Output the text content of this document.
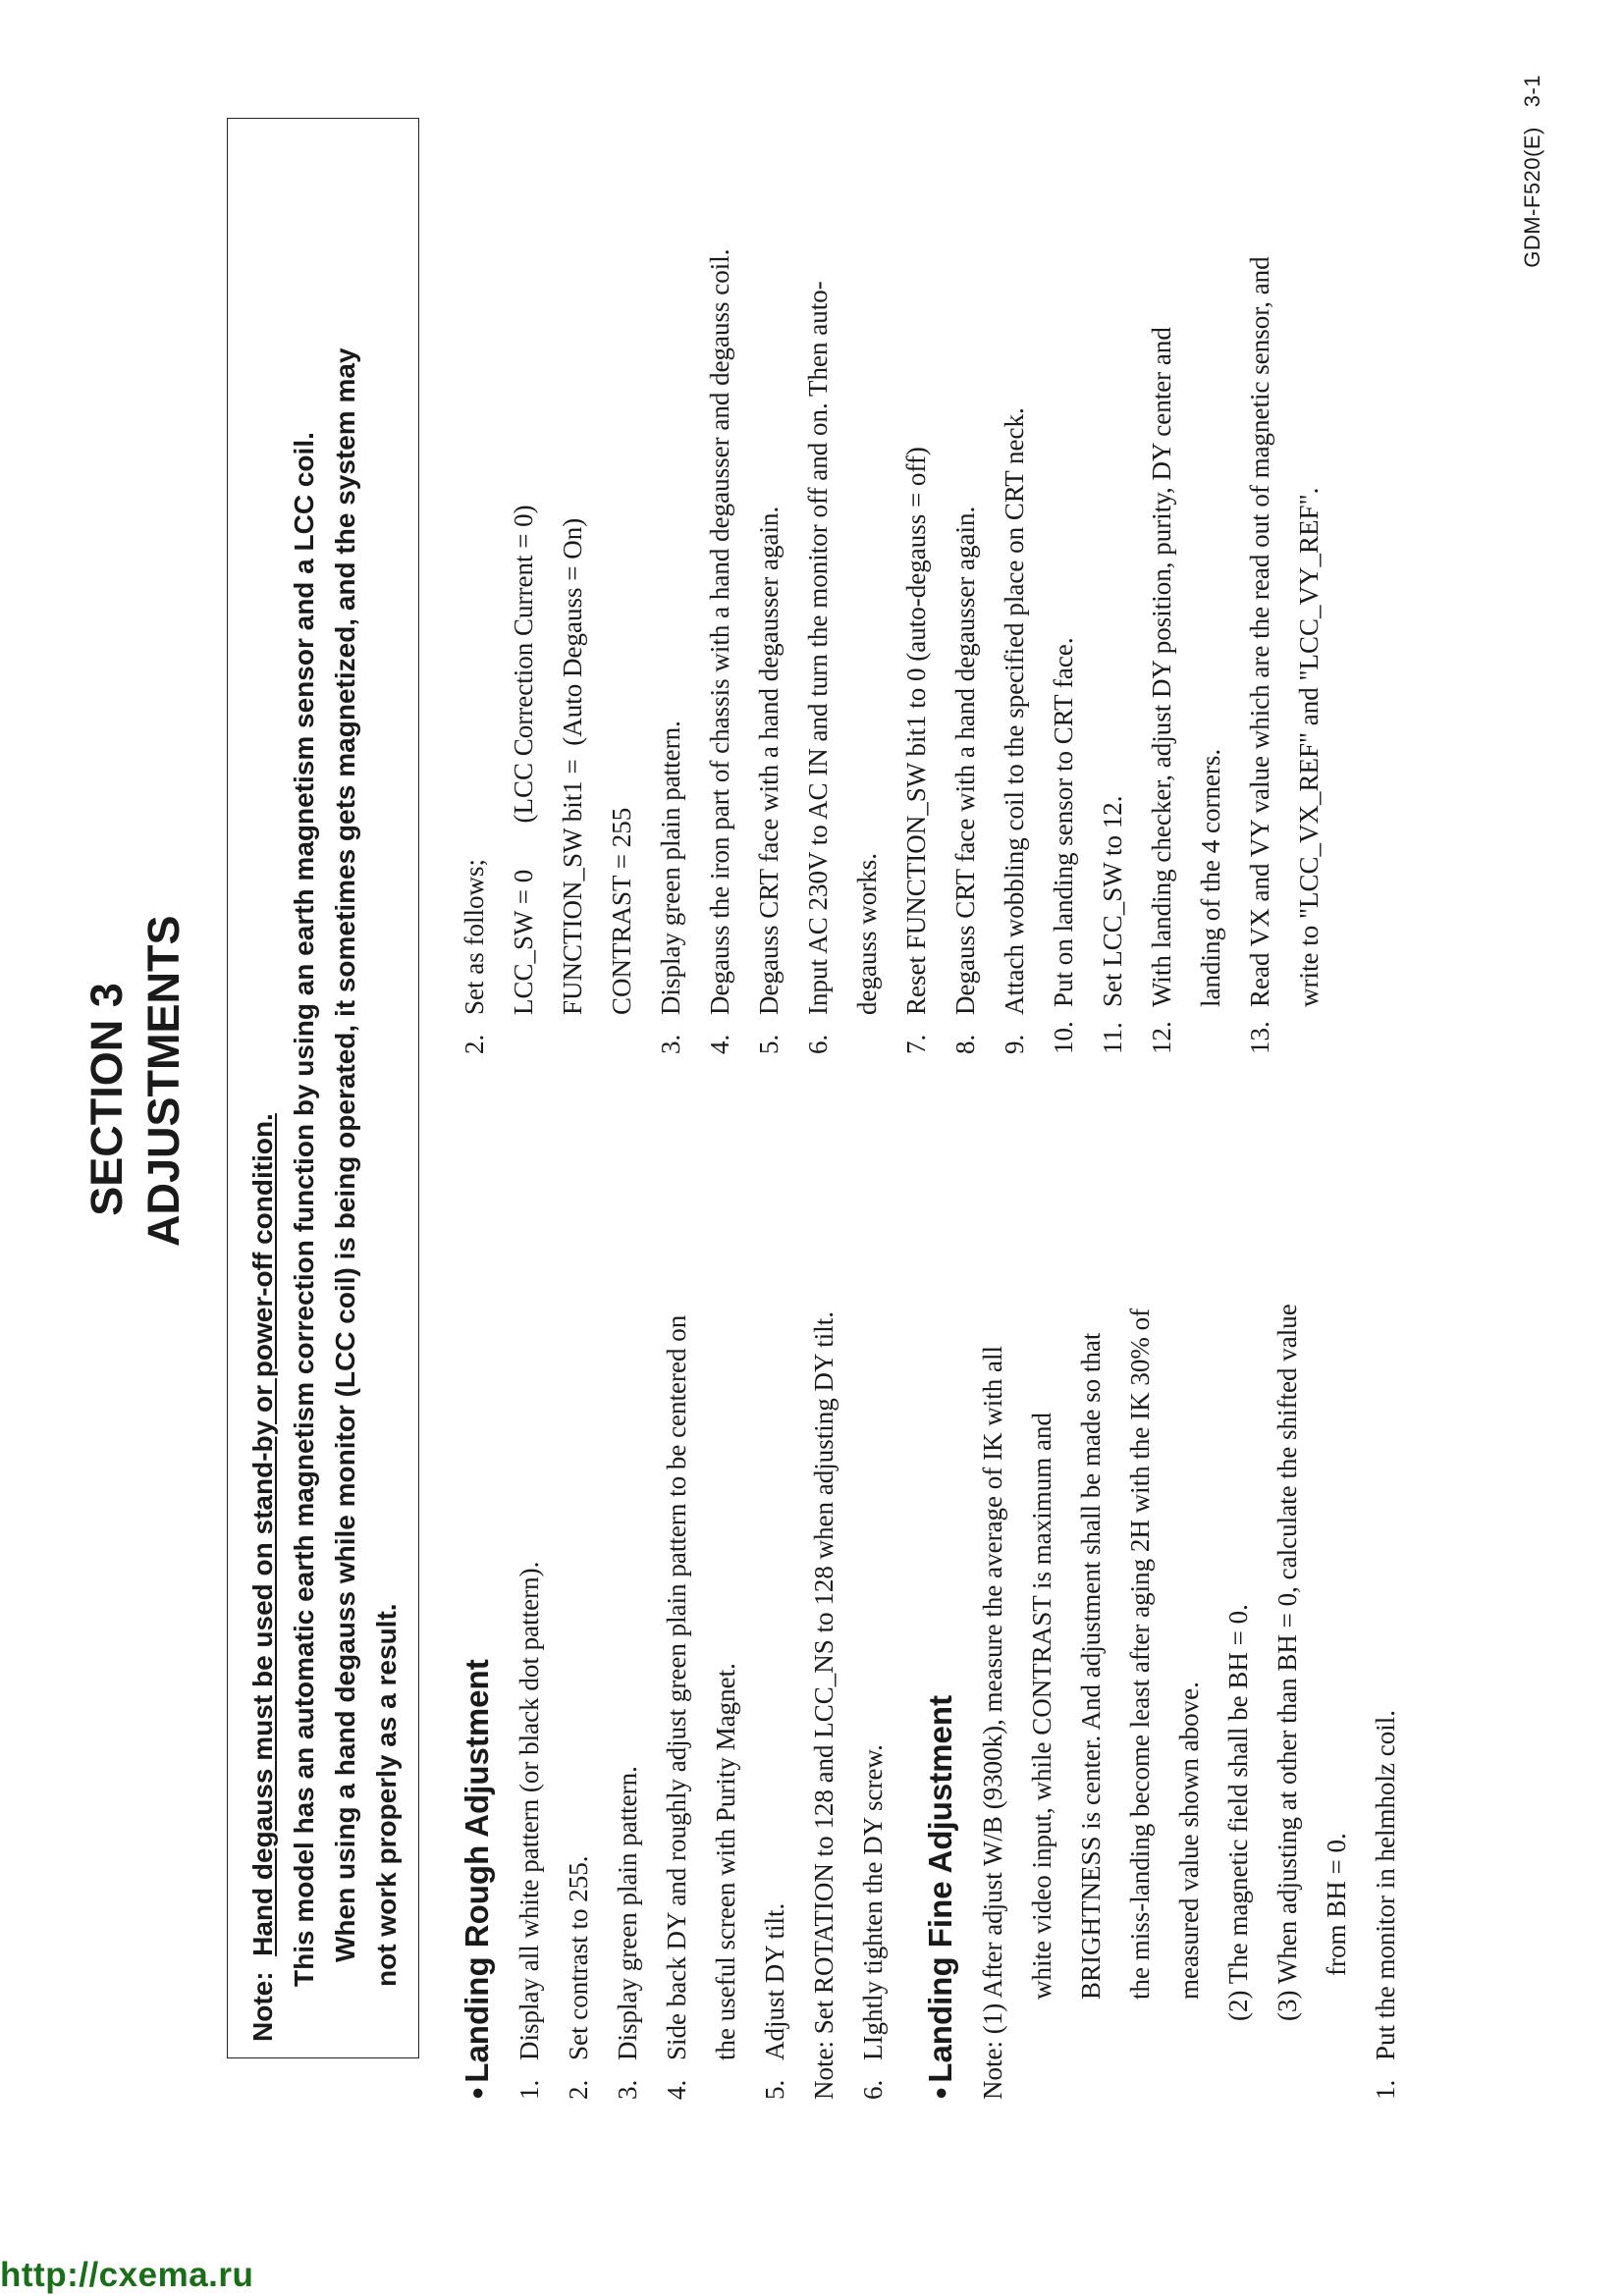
SECTION 3 ADJUSTMENTS
Note:  Hand degauss must be used on stand-by or power-off condition. This model has an automatic earth magnetism correction function by using an earth magnetism sensor and a LCC coil. When using a hand degauss while monitor (LCC coil) is being operated, it sometimes gets magnetized, and the system may not work properly as a result.
●Landing Rough Adjustment
1.
Display all white pattern (or black dot pattern).
2.
Set contrast to 255.
3.
Display green plain pattern.
4.
Side back DY and roughly adjust green plain pattern to be centered on the useful screen with Purity Magnet.
5.
Adjust DY tilt. Note: Set ROTATION to 128 and LCC_NS to 128 when adjusting DY tilt. 6.
LIghtly tighten the DY screw.
●Landing Fine Adjustment Note: (1) After adjust W/B (9300k), measure the average of IK with all white video input, while CONTRAST is maximum and BRIGHTNESS is center. And adjustment shall be made so that the miss-landing become least after aging 2H with the IK 30% of measured value shown above. (2) The magnetic field shall be BH = 0. (3) When adjusting at other than BH = 0, calculate the shifted value from BH = 0.
1.
Put the monitor in helmholz coil.
2.
Set as follows; LCC_SW = 0       (LCC Correction Current = 0)
FUNCTION_SW bit1 =  (Auto Degauss = On)
CONTRAST = 255
3.
Display green plain pattern.
4.
Degauss the iron part of chassis with a hand degausser and degauss coil.
5.
Degauss CRT face with a hand degausser again.
6.
Input AC 230V to AC IN and turn the monitor off and on. Then auto- degauss works.
7.
Reset FUNCTION_SW bit1 to 0 (auto-degauss = off)
8.
Degauss CRT face with a hand degausser again.
9.
Attach wobbling coil to the specified place on CRT neck.
10.
Put on landing sensor to CRT face.
11.
Set LCC_SW to 12.
12.
With landing checker, adjust DY position, purity, DY center and landing of the 4 corners.
13.
Read VX and VY value which are the read out of magnetic sensor, and write to "LCC_VX_REF" and "LCC_VY_REF".
GDM-F520(E)   3-1
http://cxema.ru
